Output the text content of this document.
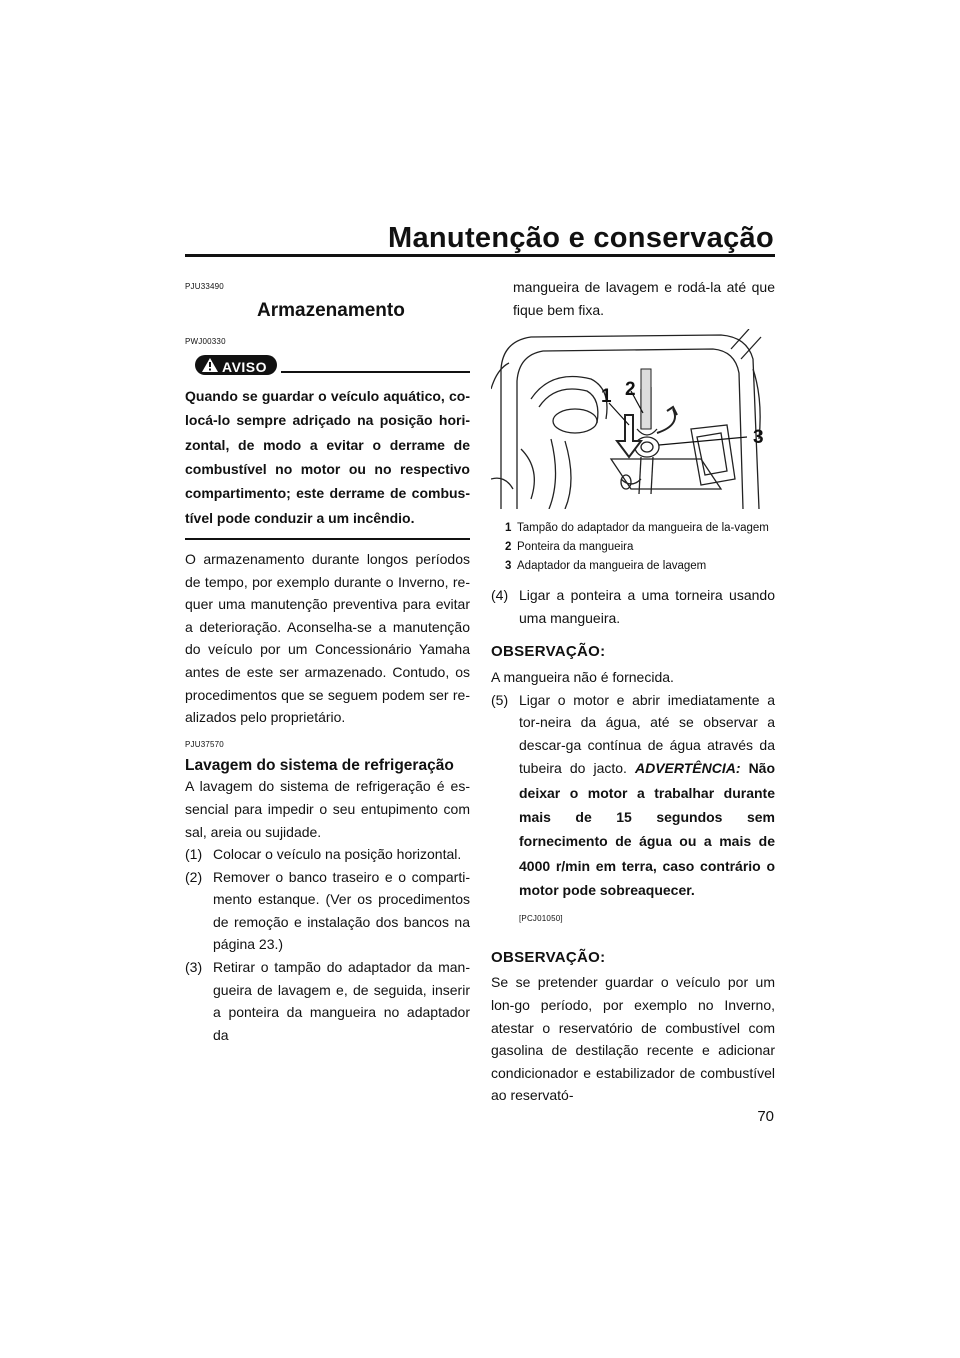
Manutenção e conservação
PJU33490
Armazenamento
PWJ00330
AVISO

Quando se guardar o veículo aquático, co-locá-lo sempre adriçado na posição hori-zontal, de modo a evitar o derrame de combustível no motor ou no respectivo compartimento; este derrame de combus-tível pode conduzir a um incêndio.

O armazenamento durante longos períodos de tempo, por exemplo durante o Inverno, re-quer uma manutenção preventiva para evitar a deterioração. Aconselha-se a manutenção do veículo por um Concessionário Yamaha antes de este ser armazenado. Contudo, os procedimentos que se seguem podem ser re-alizados pelo proprietário.

PJU37570
Lavagem do sistema de refrigeração

A lavagem do sistema de refrigeração é es-sencial para impedir o seu entupimento com sal, areia ou sujidade.

(1) Colocar o veículo na posição horizontal.
(2) Remover o banco traseiro e o comparti-mento estanque. (Ver os procedimentos de remoção e instalação dos bancos na página 23.)
(3) Retirar o tampão do adaptador da man-gueira de lavagem e, de seguida, inserir a ponteira da mangueira no adaptador da

mangueira de lavagem e rodá-la até que fique bem fixa.

1 2
3
1 Tampão do adaptador da mangueira de la-vagem
2 Ponteira da mangueira
3 Adaptador da mangueira de lavagem
(4) Ligar a ponteira a uma torneira usando uma mangueira.
OBSERVAÇÃO:

A mangueira não é fornecida.

(5) Ligar o motor e abrir imediatamente a tor-neira da água, até se observar a descar-ga contínua de água através da tubeira do jacto. ADVERTÊNCIA: Não deixar o motor a trabalhar durante mais de 15 segundos sem fornecimento de água ou a mais de 4000 r/min em terra, caso contrário o motor pode sobreaquecer.
[PCJ01050]
OBSERVAÇÃO:

Se se pretender guardar o veículo por um lon-go período, por exemplo no Inverno, atestar o reservatório de combustível com gasolina de destilação recente e adicionar condicionador e estabilizador de combustível ao reservató-

70
